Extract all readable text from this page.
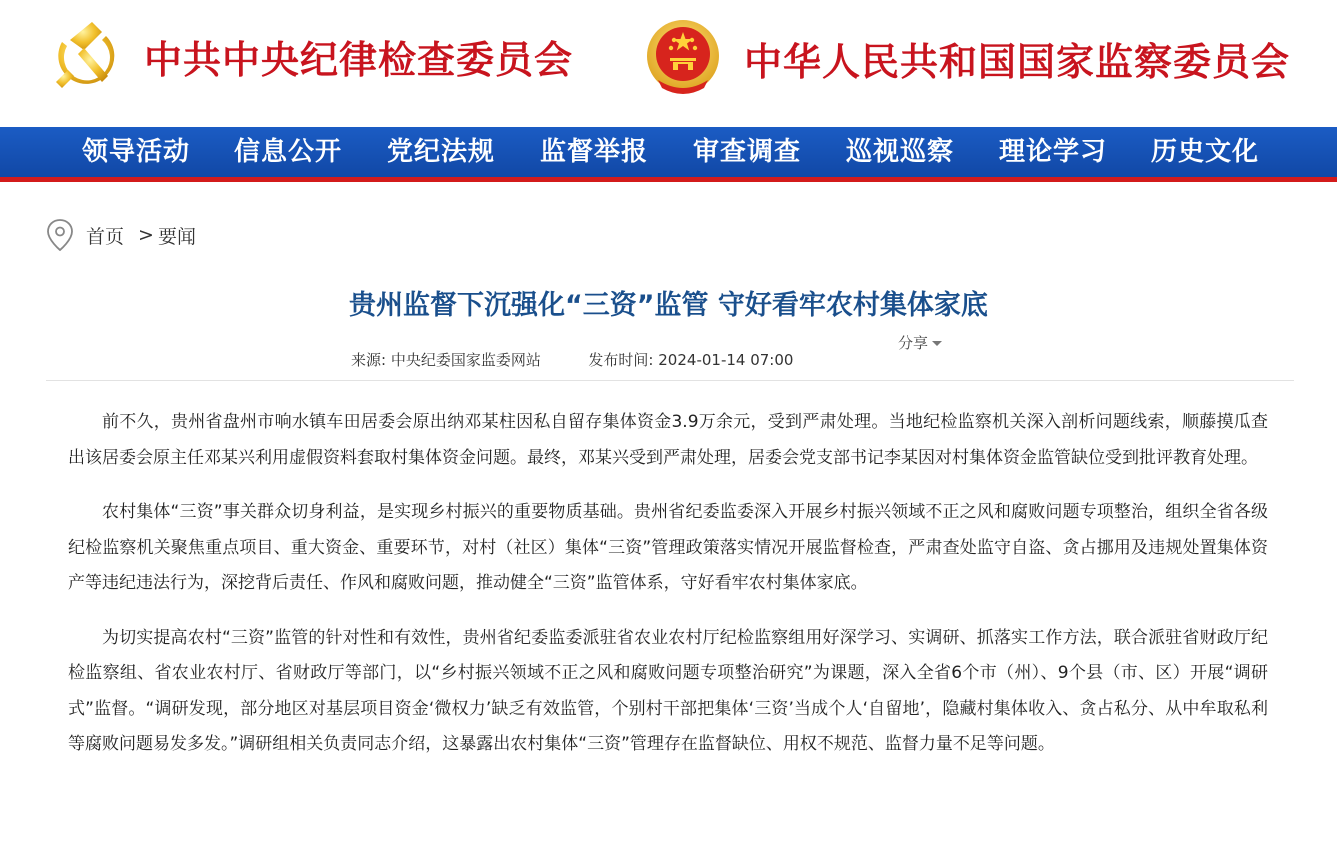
中共中央纪律检查委员会	中华人民共和国国家监察委员会
领导活动 信息公开 党纪法规 监督举报 审查调查 巡视巡察 理论学习 历史文化
首页 > 要闻
贵州监督下沉强化“三资”监管 守好看牢农村集体家底
分享
来源: 中央纪委国家监委网站	发布时间: 2024-01-14 07:00

前不久，贵州省盘州市响水镇车田居委会原出纳邓某柱因私自留存集体资金3.9万余元，受到严肃处理。当地纪检监察机关深入剖析问题线索，顺藤摸瓜查出该居委会原主任邓某兴利用虚假资料套取村集体资金问题。最终，邓某兴受到严肃处理，居委会党支部书记李某因对村集体资金监管缺位受到批评教育处理。

农村集体“三资”事关群众切身利益，是实现乡村振兴的重要物质基础。贵州省纪委监委深入开展乡村振兴领域不正之风和腐败问题专项整治，组织全省各级纪检监察机关聚焦重点项目、重大资金、重要环节，对村（社区）集体“三资”管理政策落实情况开展监督检查，严肃查处监守自盗、贪占挪用及违规处置集体资产等违纪违法行为，深挖背后责任、作风和腐败问题，推动健全“三资”监管体系，守好看牢农村集体家底。

为切实提高农村“三资”监管的针对性和有效性，贵州省纪委监委派驻省农业农村厅纪检监察组用好深学习、实调研、抓落实工作方法，联合派驻省财政厅纪检监察组、省农业农村厅、省财政厅等部门，以“乡村振兴领域不正之风和腐败问题专项整治研究”为课题，深入全省6个市（州）、9个县（市、区）开展“调研式”监督。“调研发现，部分地区对基层项目资金‘微权力’缺乏有效监管，个别村干部把集体‘三资’当成个人‘自留地’，隐藏村集体收入、贪占私分、从中牟取私利等腐败问题易发多发。”调研组相关负责同志介绍，这暴露出农村集体“三资”管理存在监督缺位、用权不规范、监督力量不足等问题。
